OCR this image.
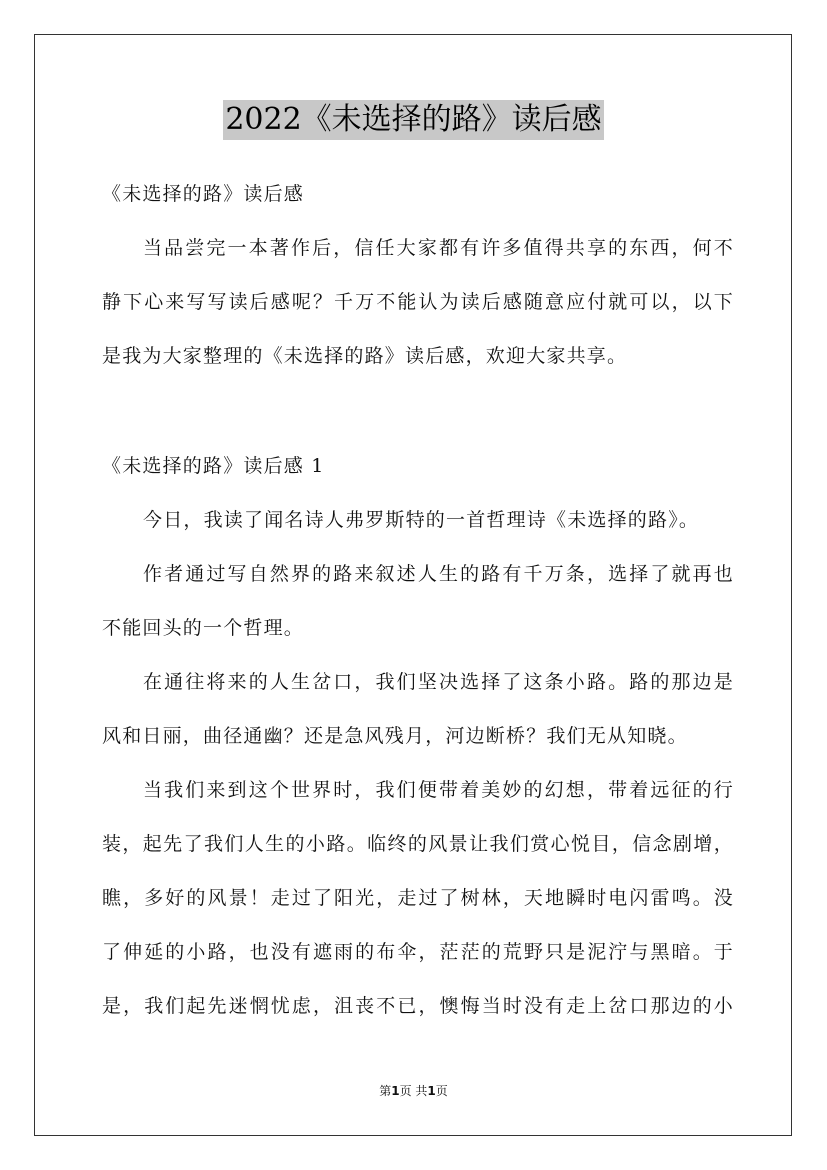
2022《未选择的路》读后感
《未选择的路》读后感
当品尝完一本著作后，信任大家都有许多值得共享的东西，何不
静下心来写写读后感呢？千万不能认为读后感随意应付就可以，以下
是我为大家整理的《未选择的路》读后感，欢迎大家共享。
《未选择的路》读后感 1
今日，我读了闻名诗人弗罗斯特的一首哲理诗《未选择的路》。
作者通过写自然界的路来叙述人生的路有千万条，选择了就再也
不能回头的一个哲理。
在通往将来的人生岔口，我们坚决选择了这条小路。路的那边是
风和日丽，曲径通幽？还是急风残月，河边断桥？我们无从知晓。
当我们来到这个世界时，我们便带着美妙的幻想，带着远征的行
装，起先了我们人生的小路。临终的风景让我们赏心悦目，信念剧增，
瞧，多好的风景！走过了阳光，走过了树林，天地瞬时电闪雷鸣。没
了伸延的小路，也没有遮雨的布伞，茫茫的荒野只是泥泞与黑暗。于
是，我们起先迷惘忧虑，沮丧不已，懊悔当时没有走上岔口那边的小
第1页 共1页
